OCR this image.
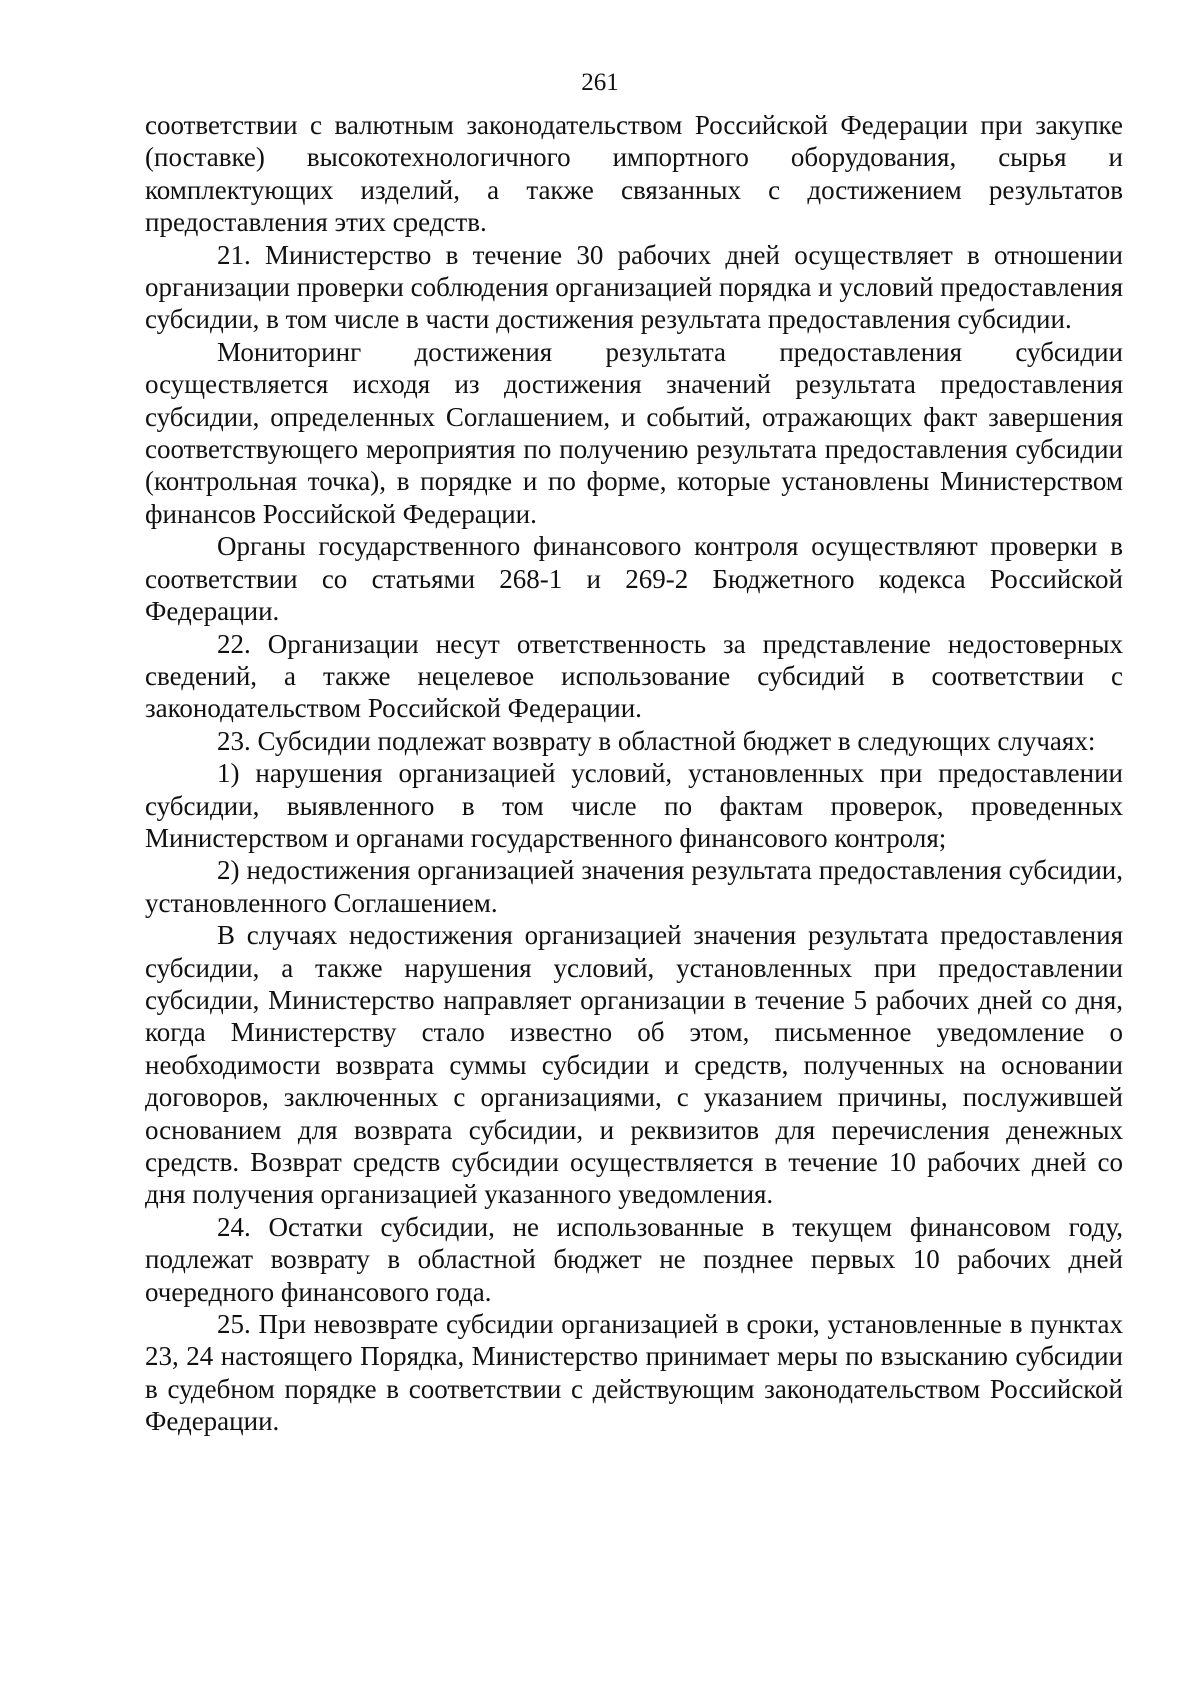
261

соответствии с валютным законодательством Российской Федерации при закупке (поставке) высокотехнологичного импортного оборудования, сырья и комплектующих изделий, а также связанных с достижением результатов предоставления этих средств.

21. Министерство в течение 30 рабочих дней осуществляет в отношении организации проверки соблюдения организацией порядка и условий предоставления субсидии, в том числе в части достижения результата предоставления субсидии.

Мониторинг достижения результата предоставления субсидии осуществляется исходя из достижения значений результата предоставления субсидии, определенных Соглашением, и событий, отражающих факт завершения соответствующего мероприятия по получению результата предоставления субсидии (контрольная точка), в порядке и по форме, которые установлены Министерством финансов Российской Федерации.

Органы государственного финансового контроля осуществляют проверки в соответствии со статьями 268-1 и 269-2 Бюджетного кодекса Российской Федерации.

22. Организации несут ответственность за представление недостоверных сведений, а также нецелевое использование субсидий в соответствии с законодательством Российской Федерации.

23. Субсидии подлежат возврату в областной бюджет в следующих случаях:

1) нарушения организацией условий, установленных при предоставлении субсидии, выявленного в том числе по фактам проверок, проведенных Министерством и органами государственного финансового контроля;

2) недостижения организацией значения результата предоставления субсидии, установленного Соглашением.

В случаях недостижения организацией значения результата предоставления субсидии, а также нарушения условий, установленных при предоставлении субсидии, Министерство направляет организации в течение 5 рабочих дней со дня, когда Министерству стало известно об этом, письменное уведомление о необходимости возврата суммы субсидии и средств, полученных на основании договоров, заключенных с организациями, с указанием причины, послужившей основанием для возврата субсидии, и реквизитов для перечисления денежных средств. Возврат средств субсидии осуществляется в течение 10 рабочих дней со дня получения организацией указанного уведомления.

24. Остатки субсидии, не использованные в текущем финансовом году, подлежат возврату в областной бюджет не позднее первых 10 рабочих дней очередного финансового года.

25. При невозврате субсидии организацией в сроки, установленные в пунктах 23, 24 настоящего Порядка, Министерство принимает меры по взысканию субсидии в судебном порядке в соответствии с действующим законодательством Российской Федерации.
